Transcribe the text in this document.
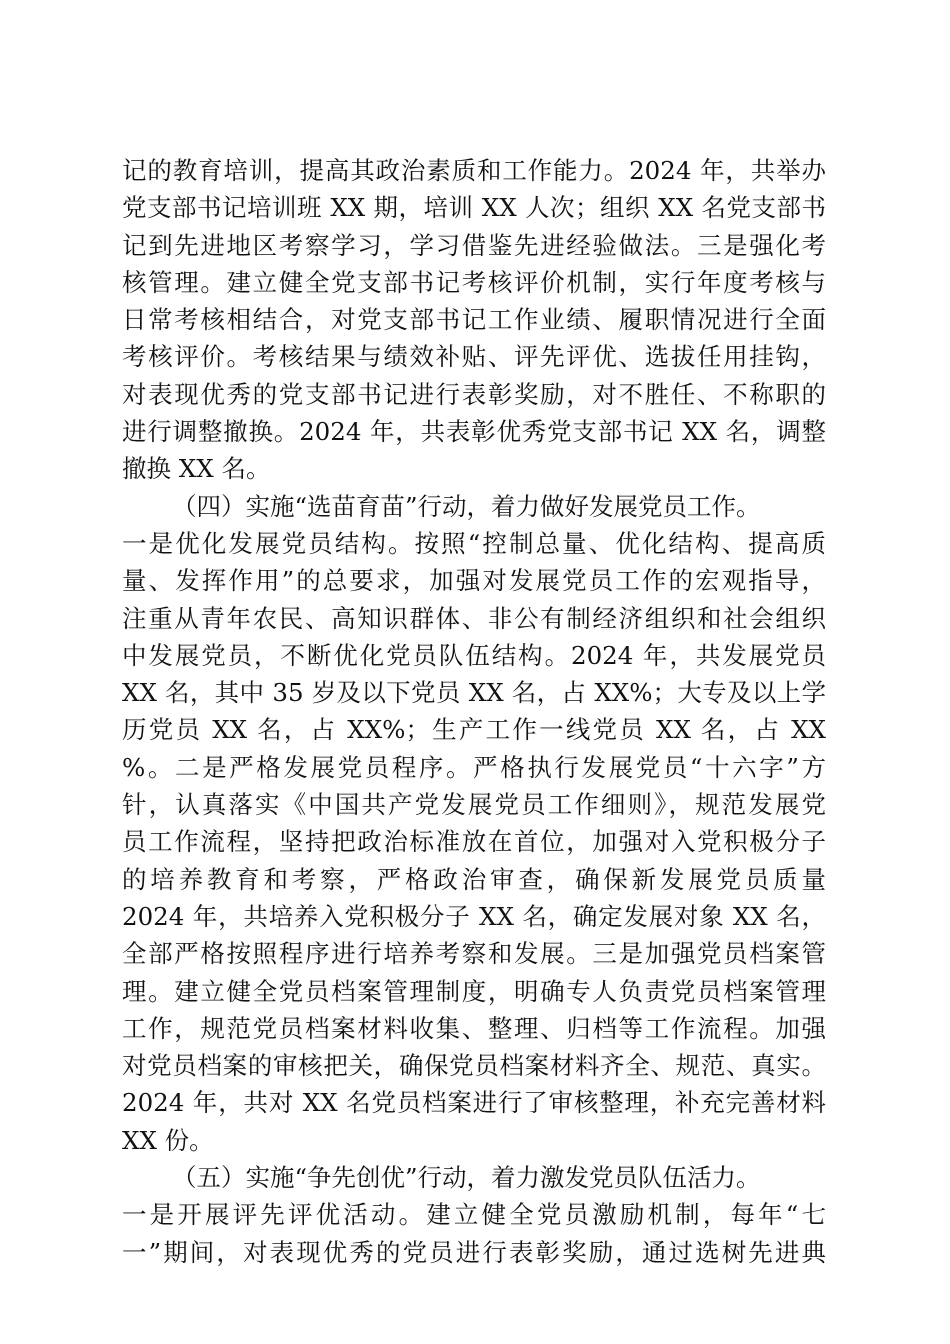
记的教育培训，提高其政治素质和工作能力。2024 年，共举办
党支部书记培训班 XX 期，培训 XX 人次；组织 XX 名党支部书
记到先进地区考察学习，学习借鉴先进经验做法。三是强化考
核管理。建立健全党支部书记考核评价机制，实行年度考核与
日常考核相结合，对党支部书记工作业绩、履职情况进行全面
考核评价。考核结果与绩效补贴、评先评优、选拔任用挂钩，
对表现优秀的党支部书记进行表彰奖励，对不胜任、不称职的
进行调整撤换。2024 年，共表彰优秀党支部书记 XX 名，调整
撤换 XX 名。
（四）实施“选苗育苗”行动，着力做好发展党员工作。
一是优化发展党员结构。按照“控制总量、优化结构、提高质
量、发挥作用”的总要求，加强对发展党员工作的宏观指导，
注重从青年农民、高知识群体、非公有制经济组织和社会组织
中发展党员，不断优化党员队伍结构。2024 年，共发展党员
XX 名，其中 35 岁及以下党员 XX 名，占 XX%；大专及以上学
历党员 XX 名，占 XX%；生产工作一线党员 XX 名，占 XX
%。二是严格发展党员程序。严格执行发展党员“十六字”方
针，认真落实《中国共产党发展党员工作细则》，规范发展党
员工作流程，坚持把政治标准放在首位，加强对入党积极分子
的培养教育和考察，严格政治审查，确保新发展党员质量
2024 年，共培养入党积极分子 XX 名，确定发展对象 XX 名，
全部严格按照程序进行培养考察和发展。三是加强党员档案管
理。建立健全党员档案管理制度，明确专人负责党员档案管理
工作，规范党员档案材料收集、整理、归档等工作流程。加强
对党员档案的审核把关，确保党员档案材料齐全、规范、真实。
2024 年，共对 XX 名党员档案进行了审核整理，补充完善材料
XX 份。
（五）实施“争先创优”行动，着力激发党员队伍活力。
一是开展评先评优活动。建立健全党员激励机制，每年“七
一”期间，对表现优秀的党员进行表彰奖励，通过选树先进典
